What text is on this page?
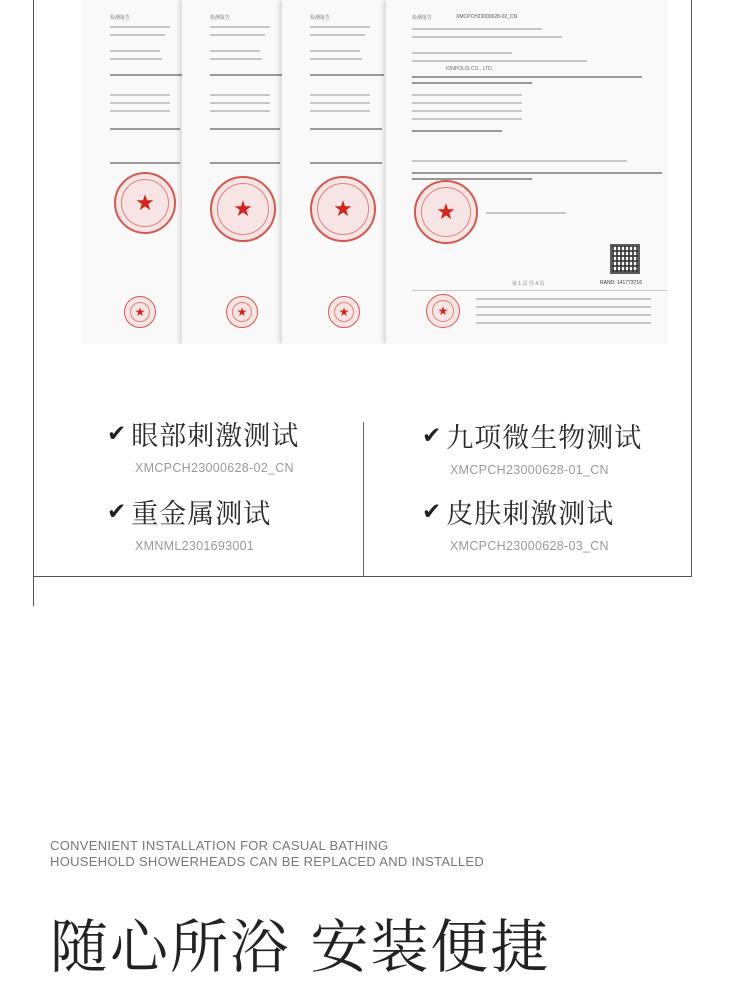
检测报告
★
★
检测报告
★
★
检测报告
★
★
检测报告	XMCPCH23000628-02_CN
IONPOLIS CO., LTD.
★
第 1 页 共 4 页	RAND: 141773716
★
✔ 眼部刺激测试
XMCPCH23000628-02_CN
✔ 九项微生物测试
XMCPCH23000628-01_CN
✔ 重金属测试
XMNML2301693001
✔ 皮肤刺激测试
XMCPCH23000628-03_CN
CONVENIENT INSTALLATION FOR CASUAL BATHING
HOUSEHOLD SHOWERHEADS CAN BE REPLACED AND INSTALLED
随心所浴 安装便捷
